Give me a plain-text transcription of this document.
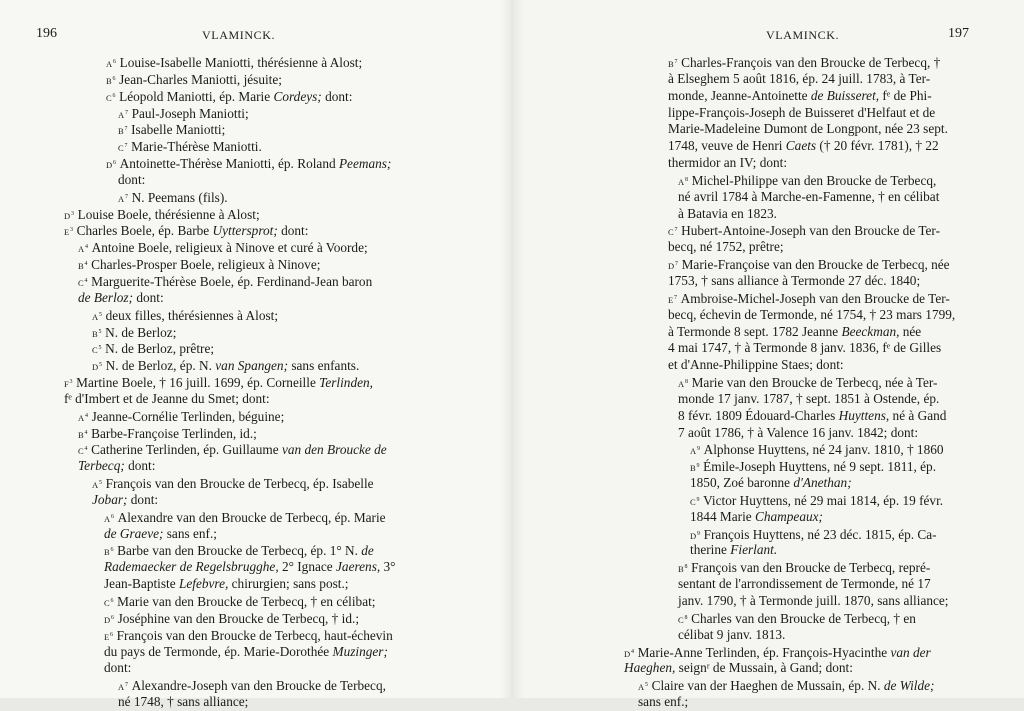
196	VLAMINCK.
$A^6$ Louise-Isabelle Maniotti, thérésienne à Alost;
$B^6$ Jean-Charles Maniotti, jésuite;
$C^6$ Léopold Maniotti, ép. Marie Cordeys; dont:
$A^7$ Paul-Joseph Maniotti;
$B^7$ Isabelle Maniotti;
$C^7$ Marie-Thérèse Maniotti.
$D^6$ Antoinette-Thérèse Maniotti, ép. Roland Peemans;
dont:
$A^7$ N. Peemans (fils).
$D^3$ Louise Boele, thérésienne à Alost;
$E^3$ Charles Boele, ép. Barbe Uyttersprot; dont:
$A^4$ Antoine Boele, religieux à Ninove et curé à Voorde;
$B^4$ Charles-Prosper Boele, religieux à Ninove;
$C^4$ Marguerite-Thérèse Boele, ép. Ferdinand-Jean baron
de Berloz; dont:
$A^5$ deux filles, thérésiennes à Alost;
$B^5$ N. de Berloz;
$C^5$ N. de Berloz, prêtre;
$D^5$ N. de Berloz, ép. N. van Spangen; sans enfants.
$F^3$ Martine Boele, † 16 juill. 1699, ép. Corneille Terlinden,
fᵉ d'Imbert et de Jeanne du Smet; dont:
$A^4$ Jeanne-Cornélie Terlinden, béguine;
$B^4$ Barbe-Françoise Terlinden, id.;
$C^4$ Catherine Terlinden, ép. Guillaume van den Broucke de
Terbecq; dont:
$A^5$ François van den Broucke de Terbecq, ép. Isabelle
Jobar; dont:
$A^6$ Alexandre van den Broucke de Terbecq, ép. Marie
de Graeve; sans enf.;
$B^6$ Barbe van den Broucke de Terbecq, ép. 1° N. de
Rademaecker de Regelsbrugghe, 2° Ignace Jaerens, 3°
Jean-Baptiste Lefebvre, chirurgien; sans post.;
$C^6$ Marie van den Broucke de Terbecq, † en célibat;
$D^6$ Joséphine van den Broucke de Terbecq, † id.;
$E^6$ François van den Broucke de Terbecq, haut-échevin
du pays de Termonde, ép. Marie-Dorothée Muzinger;
dont:
$A^7$ Alexandre-Joseph van den Broucke de Terbecq,
né 1748, † sans alliance;
VLAMINCK.	197
$B^7$ Charles-François van den Broucke de Terbecq, †
à Elseghem 5 août 1816, ép. 24 juill. 1783, à Ter-
monde, Jeanne-Antoinette de Buisseret, fᵉ de Phi-
lippe-François-Joseph de Buisseret d'Helfaut et de
Marie-Madeleine Dumont de Longpont, née 23 sept.
1748, veuve de Henri Caets († 20 févr. 1781), † 22
thermidor an IV; dont:
$A^8$ Michel-Philippe van den Broucke de Terbecq,
né avril 1784 à Marche-en-Famenne, † en célibat
à Batavia en 1823.
$C^7$ Hubert-Antoine-Joseph van den Broucke de Ter-
becq, né 1752, prêtre;
$D^7$ Marie-Françoise van den Broucke de Terbecq, née
1753, † sans alliance à Termonde 27 déc. 1840;
$E^7$ Ambroise-Michel-Joseph van den Broucke de Ter-
becq, échevin de Termonde, né 1754, † 23 mars 1799,
à Termonde 8 sept. 1782 Jeanne Beeckman, née
4 mai 1747, † à Termonde 8 janv. 1836, fᵉ de Gilles
et d'Anne-Philippine Staes; dont:
$A^8$ Marie van den Broucke de Terbecq, née à Ter-
monde 17 janv. 1787, † sept. 1851 à Ostende, ép.
8 févr. 1809 Édouard-Charles Huyttens, né à Gand
7 août 1786, † à Valence 16 janv. 1842; dont:
$A^9$ Alphonse Huyttens, né 24 janv. 1810, † 1860
$B^9$ Émile-Joseph Huyttens, né 9 sept. 1811, ép.
1850, Zoé baronne d'Anethan;
$C^9$ Victor Huyttens, né 29 mai 1814, ép. 19 févr.
1844 Marie Champeaux;
$D^9$ François Huyttens, né 23 déc. 1815, ép. Ca-
therine Fierlant.
$B^8$ François van den Broucke de Terbecq, repré-
sentant de l'arrondissement de Termonde, né 17
janv. 1790, † à Termonde juill. 1870, sans alliance;
$C^8$ Charles van den Broucke de Terbecq, † en
célibat 9 janv. 1813.
$D^4$ Marie-Anne Terlinden, ép. François-Hyacinthe van der
Haeghen, seignʳ de Mussain, à Gand; dont:
$A^5$ Claire van der Haeghen de Mussain, ép. N. de Wilde;
sans enf.;
